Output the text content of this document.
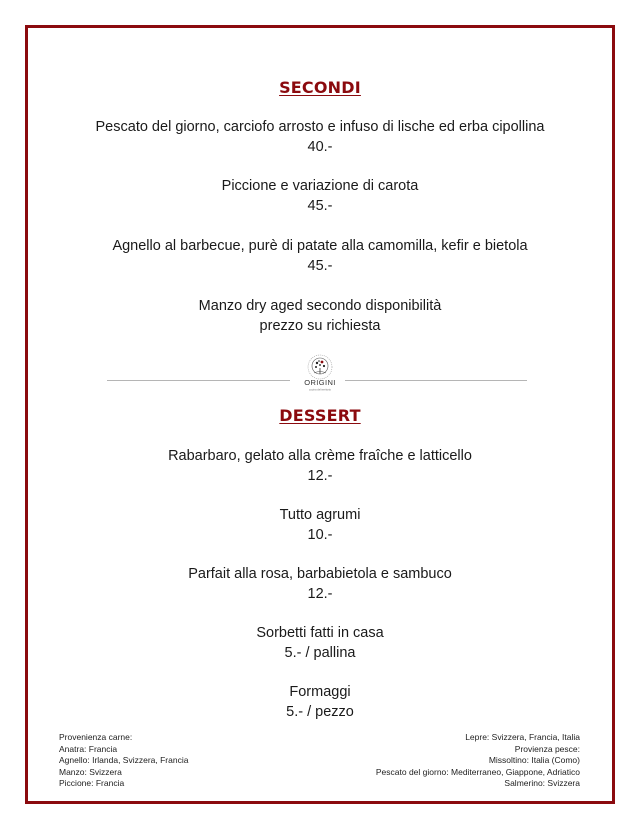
SECONDI
Pescato del giorno, carciofo arrosto e infuso di lische ed erba cipollina
40.-
Piccione e variazione di carota
45.-
Agnello al barbecue, purè di patate alla camomilla, kefir e bietola
45.-
Manzo dry aged secondo disponibilità
prezzo su richiesta
ORIGINI
cucina del territorio
DESSERT
Rabarbaro, gelato alla crème fraîche e latticello
12.-
Tutto agrumi
10.-
Parfait alla rosa, barbabietola e sambuco
12.-
Sorbetti fatti in casa
5.- / pallina
Formaggi
5.- / pezzo
Provenienza carne:
Anatra: Francia
Agnello: Irlanda, Svizzera, Francia
Manzo: Svizzera
Piccione: Francia
Lepre: Svizzera, Francia, Italia
Provienza pesce:
Missoltino: Italia (Como)
Pescato del giorno: Mediterraneo, Giappone, Adriatico
Salmerino: Svizzera
